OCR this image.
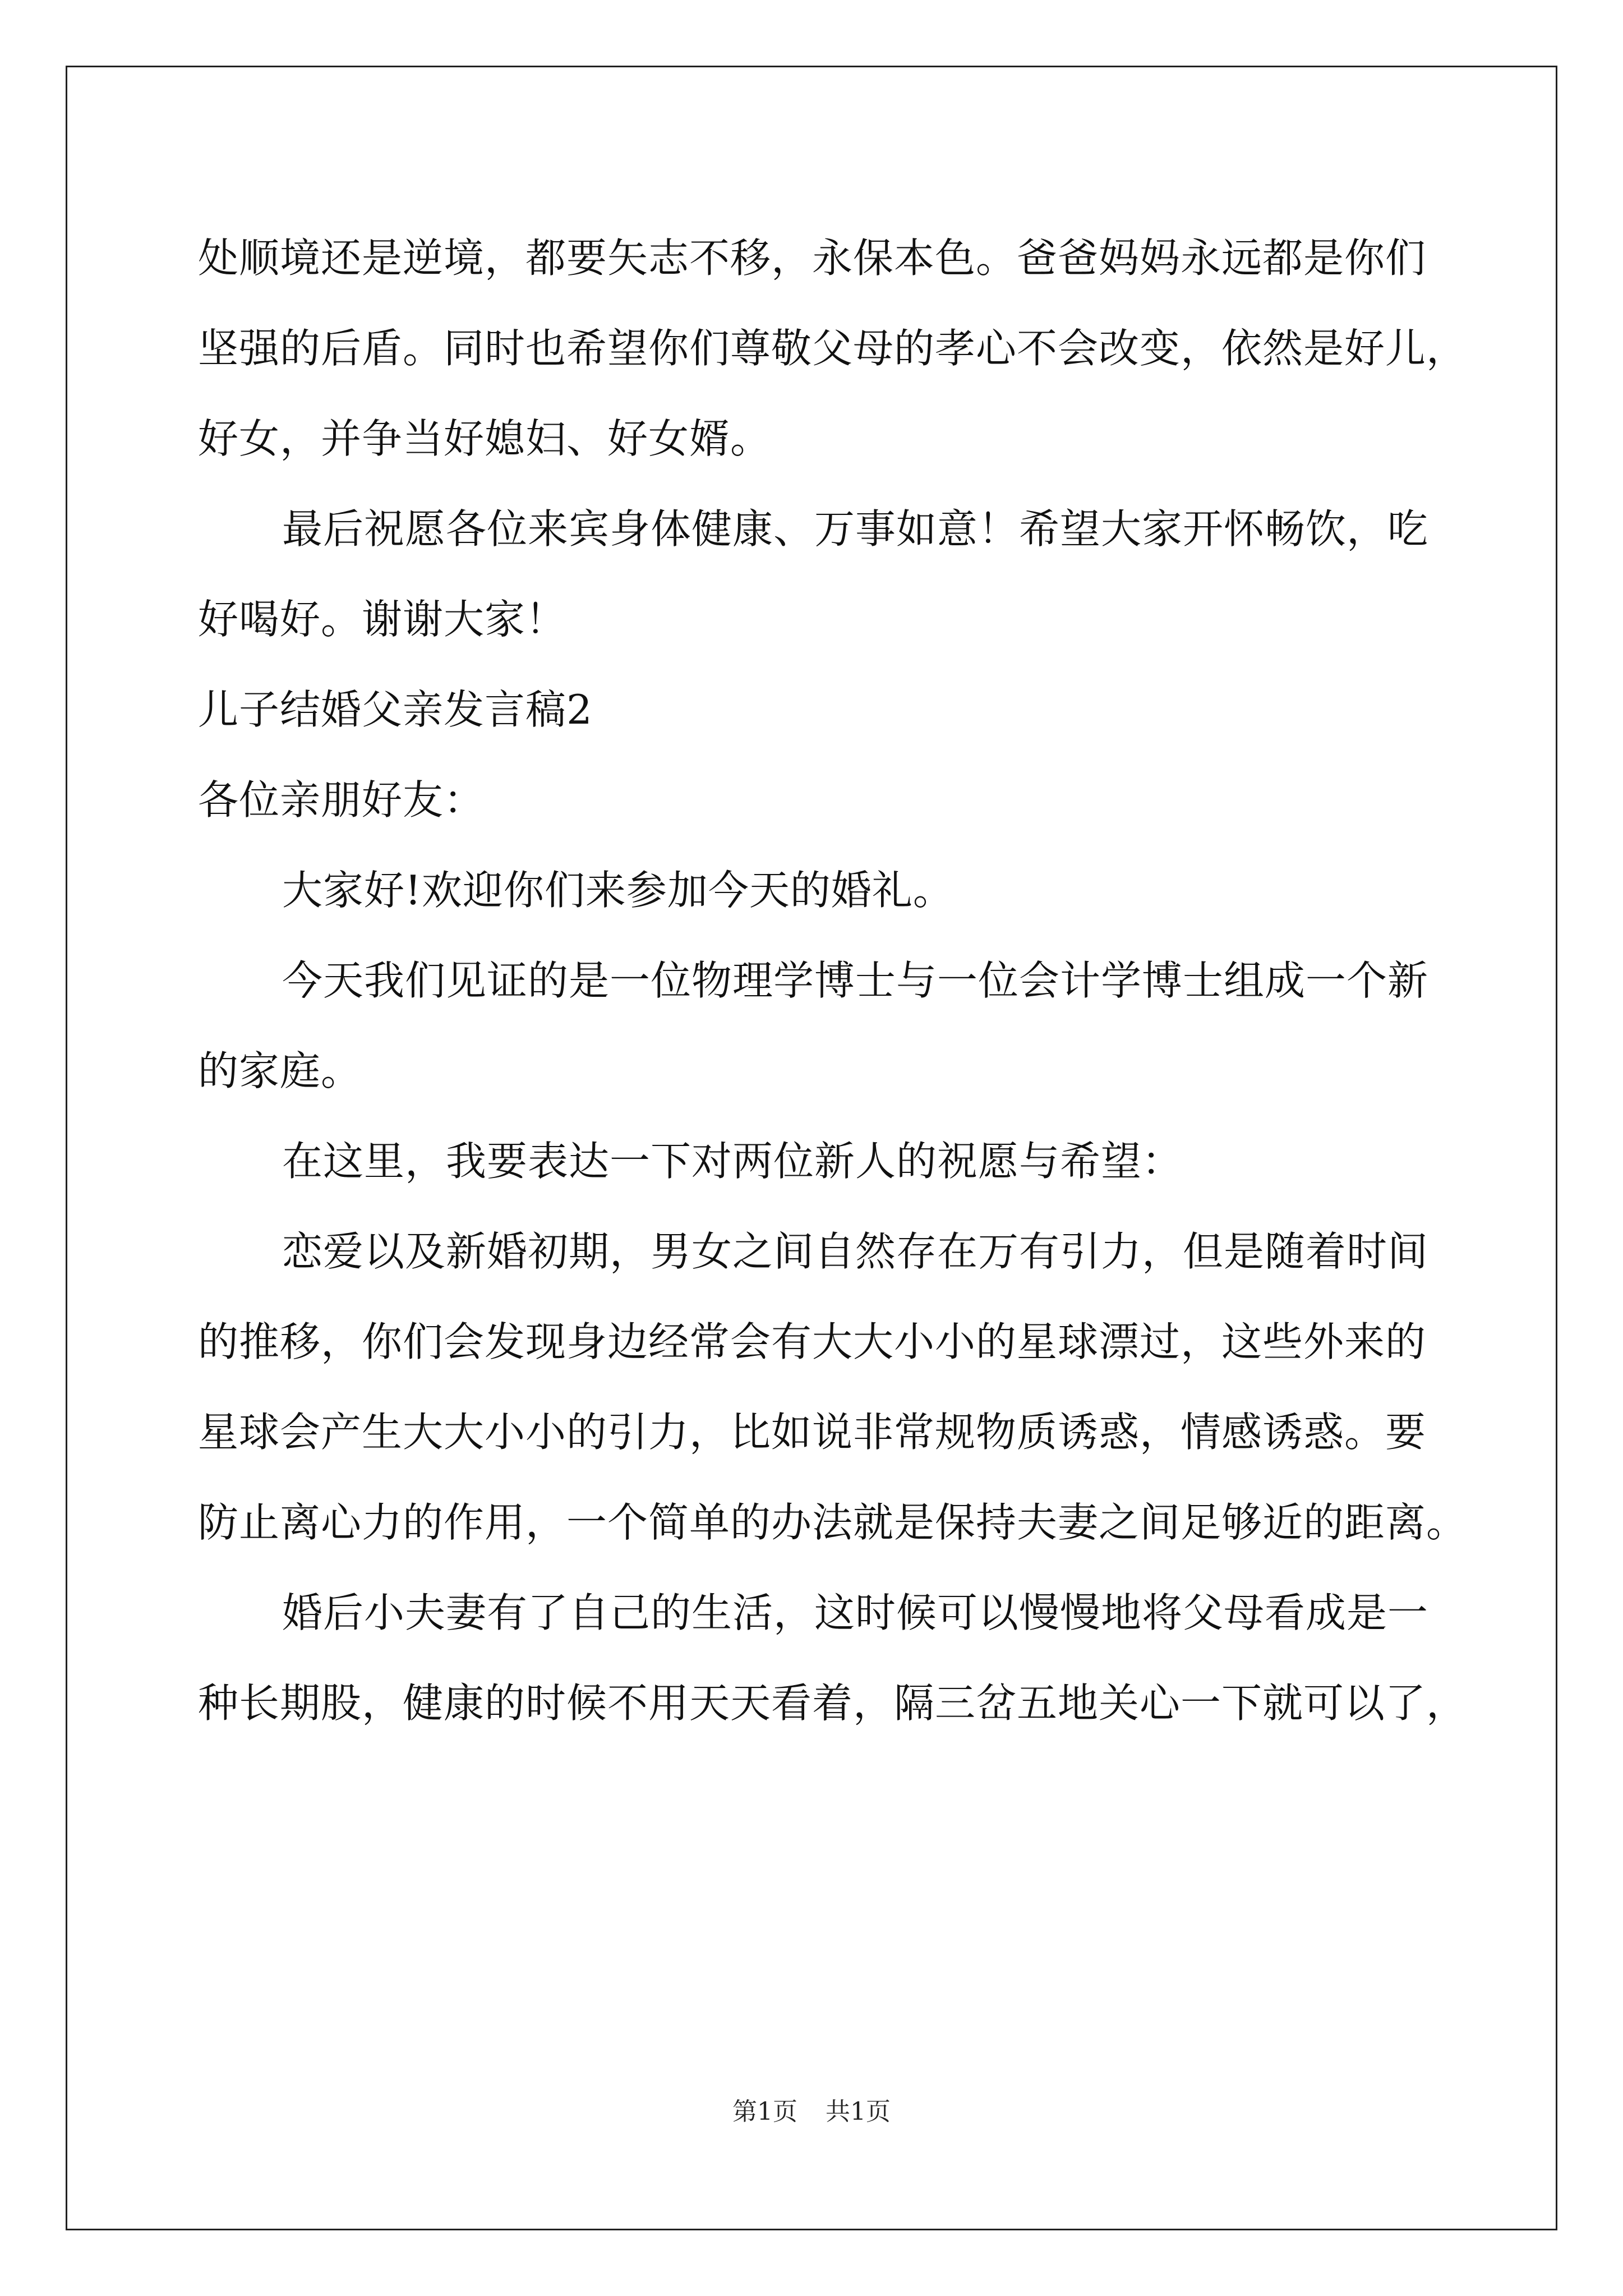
处顺境还是逆境，都要矢志不移，永保本色。爸爸妈妈永远都是你们
坚强的后盾。同时也希望你们尊敬父母的孝心不会改变，依然是好儿，
好女，并争当好媳妇、好女婿。
最后祝愿各位来宾身体健康、万事如意！希望大家开怀畅饮，吃
好喝好。谢谢大家！
儿子结婚父亲发言稿2
各位亲朋好友：
大家好!欢迎你们来参加今天的婚礼。
今天我们见证的是一位物理学博士与一位会计学博士组成一个新
的家庭。
在这里，我要表达一下对两位新人的祝愿与希望：
恋爱以及新婚初期，男女之间自然存在万有引力，但是随着时间
的推移，你们会发现身边经常会有大大小小的星球漂过，这些外来的
星球会产生大大小小的引力，比如说非常规物质诱惑，情感诱惑。要
防止离心力的作用，一个简单的办法就是保持夫妻之间足够近的距离。
婚后小夫妻有了自己的生活，这时候可以慢慢地将父母看成是一
种长期股，健康的时候不用天天看着，隔三岔五地关心一下就可以了，
第1页 共1页
